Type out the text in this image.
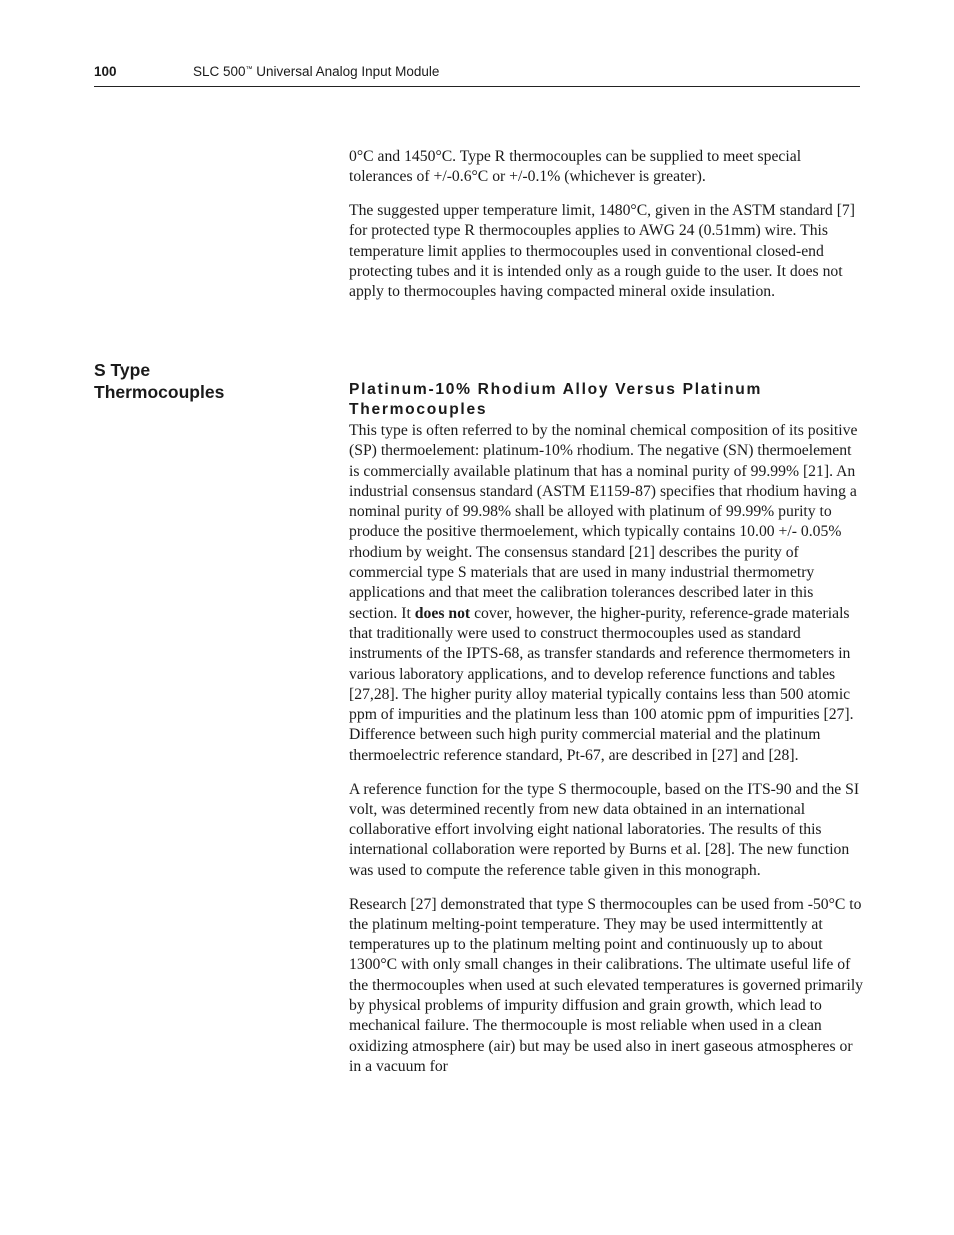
100	SLC 500™ Universal Analog Input Module

0°C and 1450°C. Type R thermocouples can be supplied to meet special tolerances of +/-0.6°C or +/-0.1% (whichever is greater).

The suggested upper temperature limit, 1480°C, given in the ASTM standard [7] for protected type R thermocouples applies to AWG 24 (0.51mm) wire. This temperature limit applies to thermocouples used in conventional closed-end protecting tubes and it is intended only as a rough guide to the user. It does not apply to thermocouples having compacted mineral oxide insulation.

S Type
Thermocouples	Platinum-10% Rhodium Alloy Versus Platinum Thermocouples

This type is often referred to by the nominal chemical composition of its positive (SP) thermoelement: platinum-10% rhodium. The negative (SN) thermoelement is commercially available platinum that has a nominal purity of 99.99% [21]. An industrial consensus standard (ASTM E1159-87) specifies that rhodium having a nominal purity of 99.98% shall be alloyed with platinum of 99.99% purity to produce the positive thermoelement, which typically contains 10.00 +/- 0.05% rhodium by weight. The consensus standard [21] describes the purity of commercial type S materials that are used in many industrial thermometry applications and that meet the calibration tolerances described later in this section. It does not cover, however, the higher-purity, reference-grade materials that traditionally were used to construct thermocouples used as standard instruments of the IPTS-68, as transfer standards and reference thermometers in various laboratory applications, and to develop reference functions and tables [27,28]. The higher purity alloy material typically contains less than 500 atomic ppm of impurities and the platinum less than 100 atomic ppm of impurities [27]. Difference between such high purity commercial material and the platinum thermoelectric reference standard, Pt-67, are described in [27] and [28].

A reference function for the type S thermocouple, based on the ITS-90 and the SI volt, was determined recently from new data obtained in an international collaborative effort involving eight national laboratories. The results of this international collaboration were reported by Burns et al. [28]. The new function was used to compute the reference table given in this monograph.

Research [27] demonstrated that type S thermocouples can be used from -50°C to the platinum melting-point temperature. They may be used intermittently at temperatures up to the platinum melting point and continuously up to about 1300°C with only small changes in their calibrations. The ultimate useful life of the thermocouples when used at such elevated temperatures is governed primarily by physical problems of impurity diffusion and grain growth, which lead to mechanical failure. The thermocouple is most reliable when used in a clean oxidizing atmosphere (air) but may be used also in inert gaseous atmospheres or in a vacuum for
